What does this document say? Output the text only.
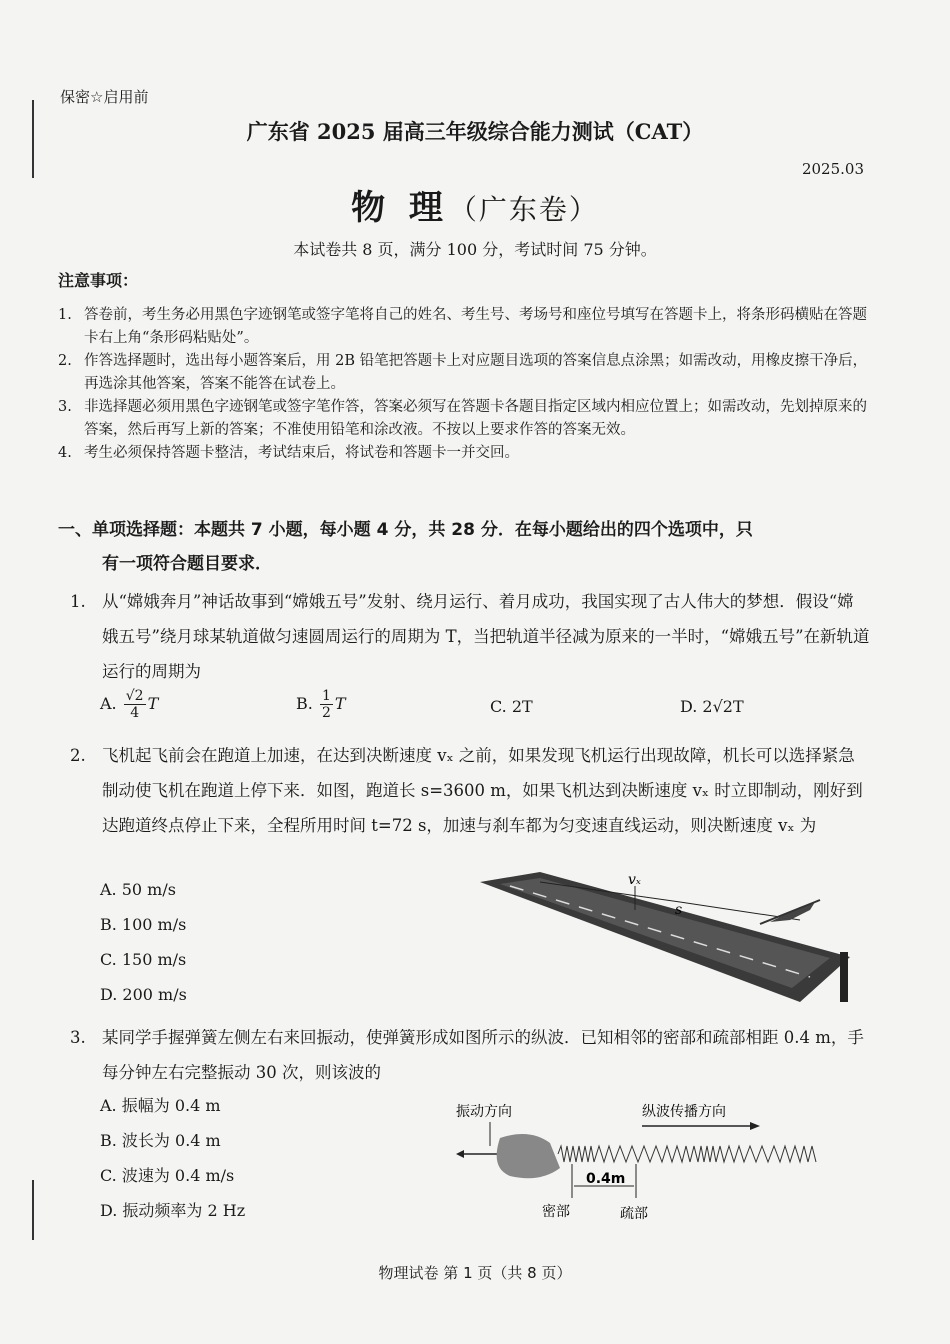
保密☆启用前
广东省 2025 届高三年级综合能力测试（CAT）
2025.03
物 理（广东卷）
本试卷共 8 页，满分 100 分，考试时间 75 分钟。
注意事项：

1. 答卷前，考生务必用黑色字迹钢笔或签字笔将自己的姓名、考生号、考场号和座位号填写在答题卡上，将条形码横贴在答题卡右上角“条形码粘贴处”。

2. 作答选择题时，选出每小题答案后，用 2B 铅笔把答题卡上对应题目选项的答案信息点涂黑；如需改动，用橡皮擦干净后，再选涂其他答案，答案不能答在试卷上。

3. 非选择题必须用黑色字迹钢笔或签字笔作答，答案必须写在答题卡各题目指定区域内相应位置上；如需改动，先划掉原来的答案，然后再写上新的答案；不准使用铅笔和涂改液。不按以上要求作答的答案无效。

4. 考生必须保持答题卡整洁，考试结束后，将试卷和答题卡一并交回。

一、单项选择题：本题共 7 小题，每小题 4 分，共 28 分．在每小题给出的四个选项中，只
有一项符合题目要求．
1. 从“嫦娥奔月”神话故事到“嫦娥五号”发射、绕月运行、着月成功，我国实现了古人伟大的梦想．假设“嫦娥五号”绕月球某轨道做匀速圆周运行的周期为 T，当把轨道半径减为原来的一半时，“嫦娥五号”在新轨道运行的周期为
A. $\frac{√2}{4}$ T	B. $\frac{1}{2}$ T	C. 2T	D. 2√2T
2. 飞机起飞前会在跑道上加速，在达到决断速度 vₓ 之前，如果发现飞机运行出现故障，机长可以选择紧急制动使飞机在跑道上停下来．如图，跑道长 s=3600 m，如果飞机达到决断速度 vₓ 时立即制动，刚好到达跑道终点停止下来，全程所用时间 t=72 s，加速与刹车都为匀变速直线运动，则决断速度 vₓ 为
A. 50 m/s
B. 100 m/s
C. 150 m/s
D. 200 m/s
vₓ
s
3. 某同学手握弹簧左侧左右来回振动，使弹簧形成如图所示的纵波．已知相邻的密部和疏部相距 0.4 m，手每分钟左右完整振动 30 次，则该波的
A. 振幅为 0.4 m
B. 波长为 0.4 m
C. 波速为 0.4 m/s
D. 振动频率为 2 Hz
振动方向	纵波传播方向
0.4m
密部	疏部
物理试卷 第 1 页（共 8 页）
